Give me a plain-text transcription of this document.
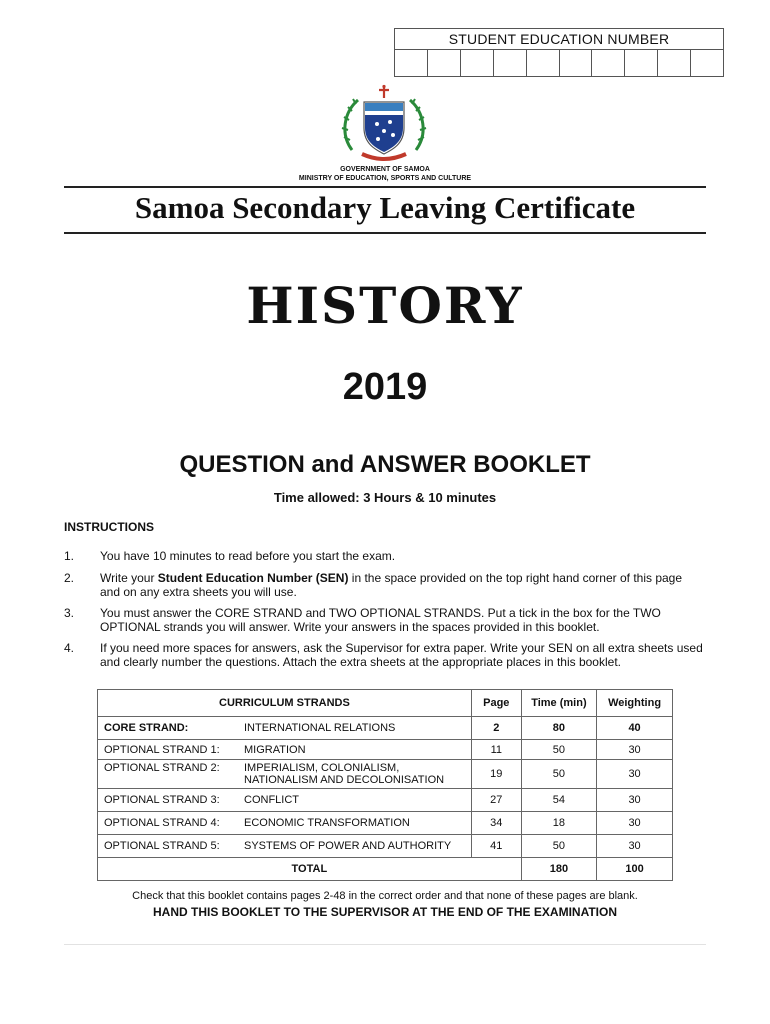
STUDENT EDUCATION NUMBER
GOVERNMENT OF SAMOA
MINISTRY OF EDUCATION, SPORTS AND CULTURE
Samoa Secondary Leaving Certificate
HISTORY
2019
QUESTION and ANSWER BOOKLET
Time allowed: 3 Hours & 10 minutes
INSTRUCTIONS
1.	You have 10 minutes to read before you start the exam.
2.	Write your Student Education Number (SEN) in the space provided on the top right hand corner of this page and on any extra sheets you will use.
3.	You must answer the CORE STRAND and TWO OPTIONAL STRANDS. Put a tick in the box for the TWO OPTIONAL strands you will answer. Write your answers in the spaces provided in this booklet.
4.	If you need more spaces for answers, ask the Supervisor for extra paper. Write your SEN on all extra sheets used and clearly number the questions. Attach the extra sheets at the appropriate places in this booklet.
CURRICULUM STRANDS	Page	Time (min)	Weighting

CORE STRAND: INTERNATIONAL RELATIONS	2	80	40

OPTIONAL STRAND 1: MIGRATION	11	50	30

OPTIONAL STRAND 2: IMPERIALISM, COLONIALISM, NATIONALISM AND DECOLONISATION	19	50	30

OPTIONAL STRAND 3: CONFLICT	27	54	30

OPTIONAL STRAND 4: ECONOMIC TRANSFORMATION	34	18	30

OPTIONAL STRAND 5: SYSTEMS OF POWER AND AUTHORITY	41	50	30
TOTAL		180	100
Check that this booklet contains pages 2-48 in the correct order and that none of these pages are blank.
HAND THIS BOOKLET TO THE SUPERVISOR AT THE END OF THE EXAMINATION
